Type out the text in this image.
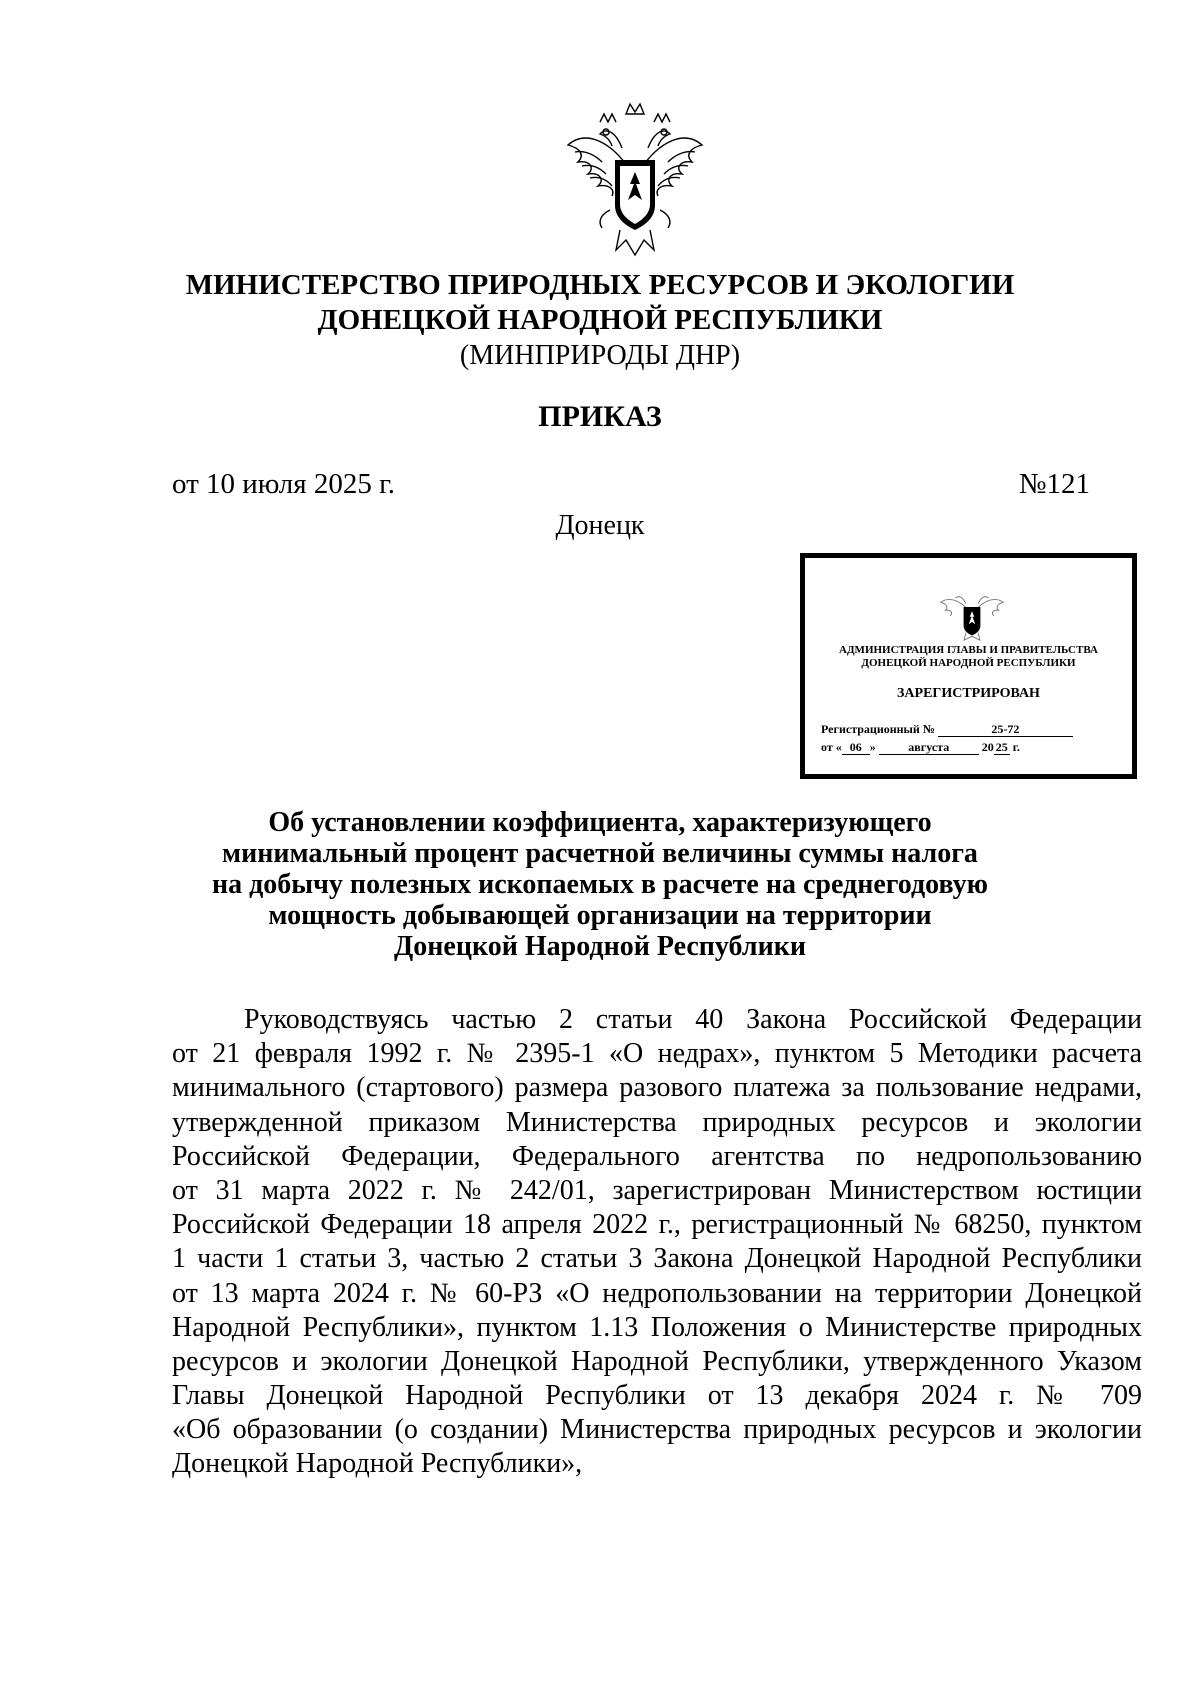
МИНИСТЕРСТВО ПРИРОДНЫХ РЕСУРСОВ И ЭКОЛОГИИ
ДОНЕЦКОЙ НАРОДНОЙ РЕСПУБЛИКИ
(МИНПРИРОДЫ ДНР)
ПРИКАЗ
от 10 июля 2025 г.	№121
Донецк
АДМИНИСТРАЦИЯ ГЛАВЫ И ПРАВИТЕЛЬСТВА
ДОНЕЦКОЙ НАРОДНОЙ РЕСПУБЛИКИ
ЗАРЕГИСТРИРОВАН
Регистрационный №	25-72
от « 06 »	августа	20 25 г.
Об установлении коэффициента, характеризующего
минимальный процент расчетной величины суммы налога
на добычу полезных ископаемых в расчете на среднегодовую
мощность добывающей организации на территории
Донецкой Народной Республики
Руководствуясь частью 2 статьи 40 Закона Российской Федерации
от 21 февраля 1992 г. № 2395-1 «О недрах», пунктом 5 Методики расчета
минимального (стартового) размера разового платежа за пользование недрами,
утвержденной приказом Министерства природных ресурсов и экологии
Российской Федерации, Федерального агентства по недропользованию
от 31 марта 2022 г. № 242/01, зарегистрирован Министерством юстиции
Российской Федерации 18 апреля 2022 г., регистрационный № 68250, пунктом
1 части 1 статьи 3, частью 2 статьи 3 Закона Донецкой Народной Республики
от 13 марта 2024 г. № 60-РЗ «О недропользовании на территории Донецкой
Народной Республики», пунктом 1.13 Положения о Министерстве природных
ресурсов и экологии Донецкой Народной Республики, утвержденного Указом
Главы Донецкой Народной Республики от 13 декабря 2024 г. № 709
«Об образовании (о создании) Министерства природных ресурсов и экологии
Донецкой Народной Республики»,
